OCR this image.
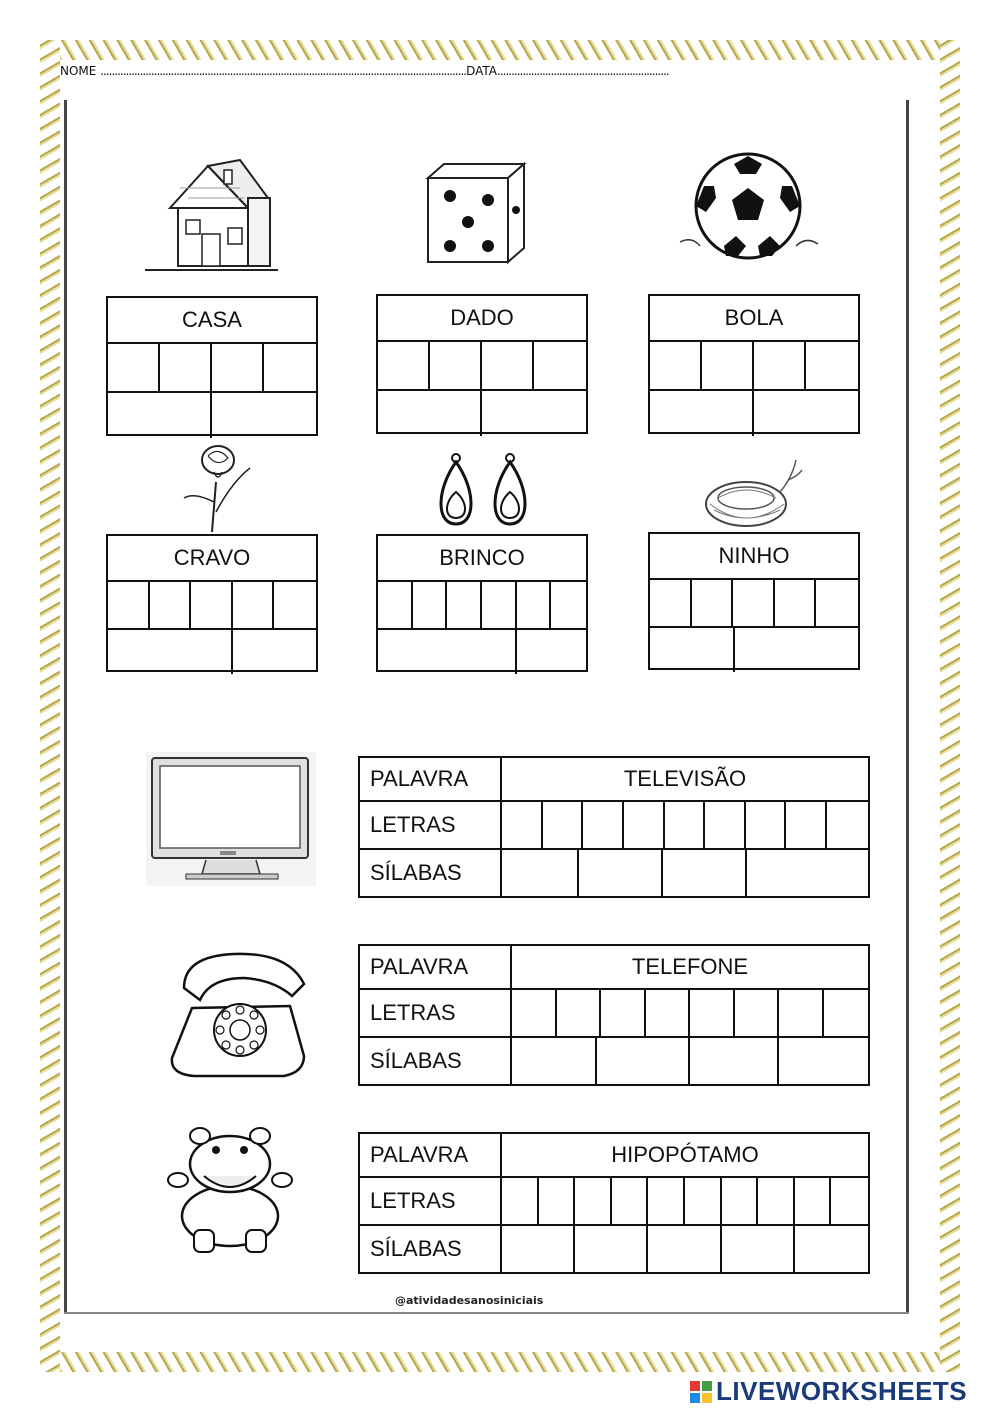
NOME ..................................................................................................................................DATA.............................................................
CASA	DADO	BOLA
CRAVO	BRINCO	NINHO
PALAVRA	TELEVISÃO
LETRAS	

SÍLABAS	
PALAVRA	TELEFONE
LETRAS	

SÍLABAS	
PALAVRA	HIPOPÓTAMO
LETRAS	

SÍLABAS	
@atividadesanosiniciais
LIVEWORKSHEETS
